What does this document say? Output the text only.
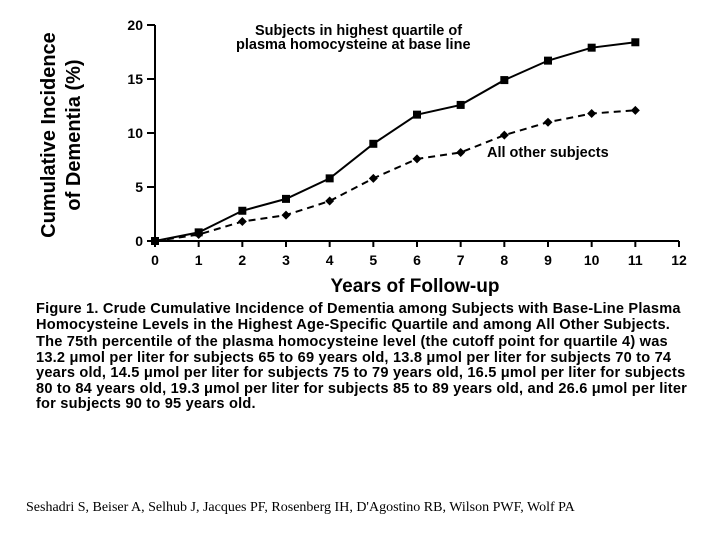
0	1	2	3	4	5	6	7	8	9 10 11 12
0
5
10
15
20
Cumulative Incidence of Dementia (%)
Years of Follow-up
Subjects in highest quartile of
plasma homocysteine at base line
All other subjects

Figure 1. Crude Cumulative Incidence of Dementia among Subjects with Base-Line Plasma Homocysteine Levels in the Highest Age-Specific Quartile and among All Other Subjects.

The 75th percentile of the plasma homocysteine level (the cutoff point for quartile 4) was 13.2 μmol per liter for subjects 65 to 69 years old, 13.8 μmol per liter for subjects 70 to 74 years old, 14.5 μmol per liter for subjects 75 to 79 years old, 16.5 μmol per liter for subjects 80 to 84 years old, 19.3 μmol per liter for subjects 85 to 89 years old, and 26.6 μmol per liter for subjects 90 to 95 years old.

Seshadri S, Beiser A, Selhub J, Jacques PF, Rosenberg IH, D'Agostino RB, Wilson PWF, Wolf PA
